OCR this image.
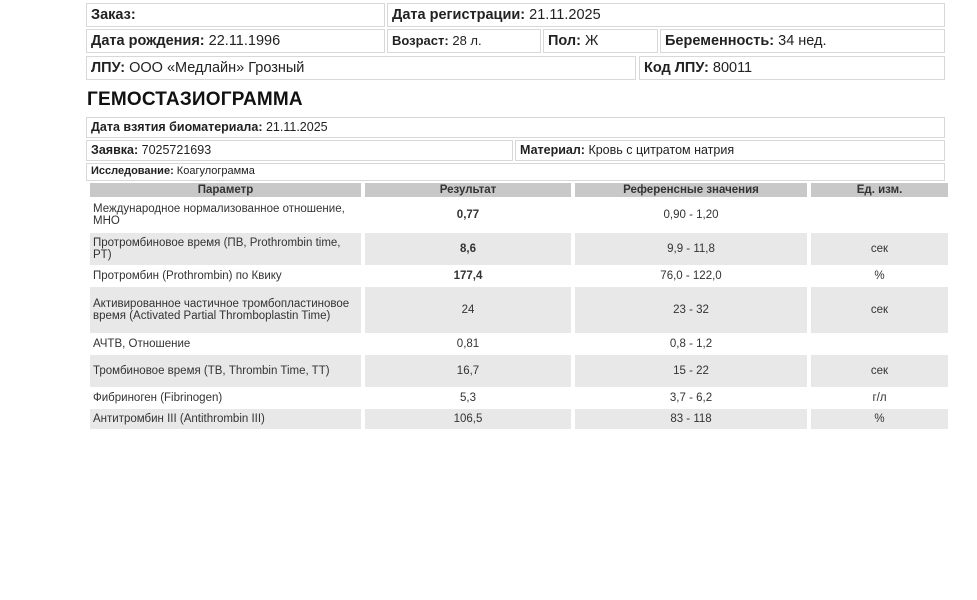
Заказ:	Дата регистрации: 21.11.2025
Дата рождения: 22.11.1996	Возраст: 28 л.	Пол: Ж	Беременность: 34 нед.
ЛПУ: ООО «Медлайн» Грозный	Код ЛПУ: 80011
ГЕМОСТАЗИОГРАММА
Дата взятия биоматериала: 21.11.2025
Заявка: 7025721693	Материал: Кровь с цитратом натрия
Исследование: Коагулограмма
Параметр	Результат	Референсные значения	Ед. изм.
Международное нормализованное отношение, МНО	0,77	0,90 - 1,20	
Протромбиновое время (ПВ, Prothrombin time, PT)	8,6	9,9 - 11,8	сек
Протромбин (Prothrombin) по Квику	177,4	76,0 - 122,0	%
Активированное частичное тромбопластиновое время (Activated Partial Thromboplastin Time)	24	23 - 32	сек
АЧТВ, Отношение	0,81	0,8 - 1,2	
Тромбиновое время (ТВ, Thrombin Time, TT)	16,7	15 - 22	сек
Фибриноген (Fibrinogen)	5,3	3,7 - 6,2	г/л
Антитромбин III (Antithrombin III)	106,5	83 - 118	%
